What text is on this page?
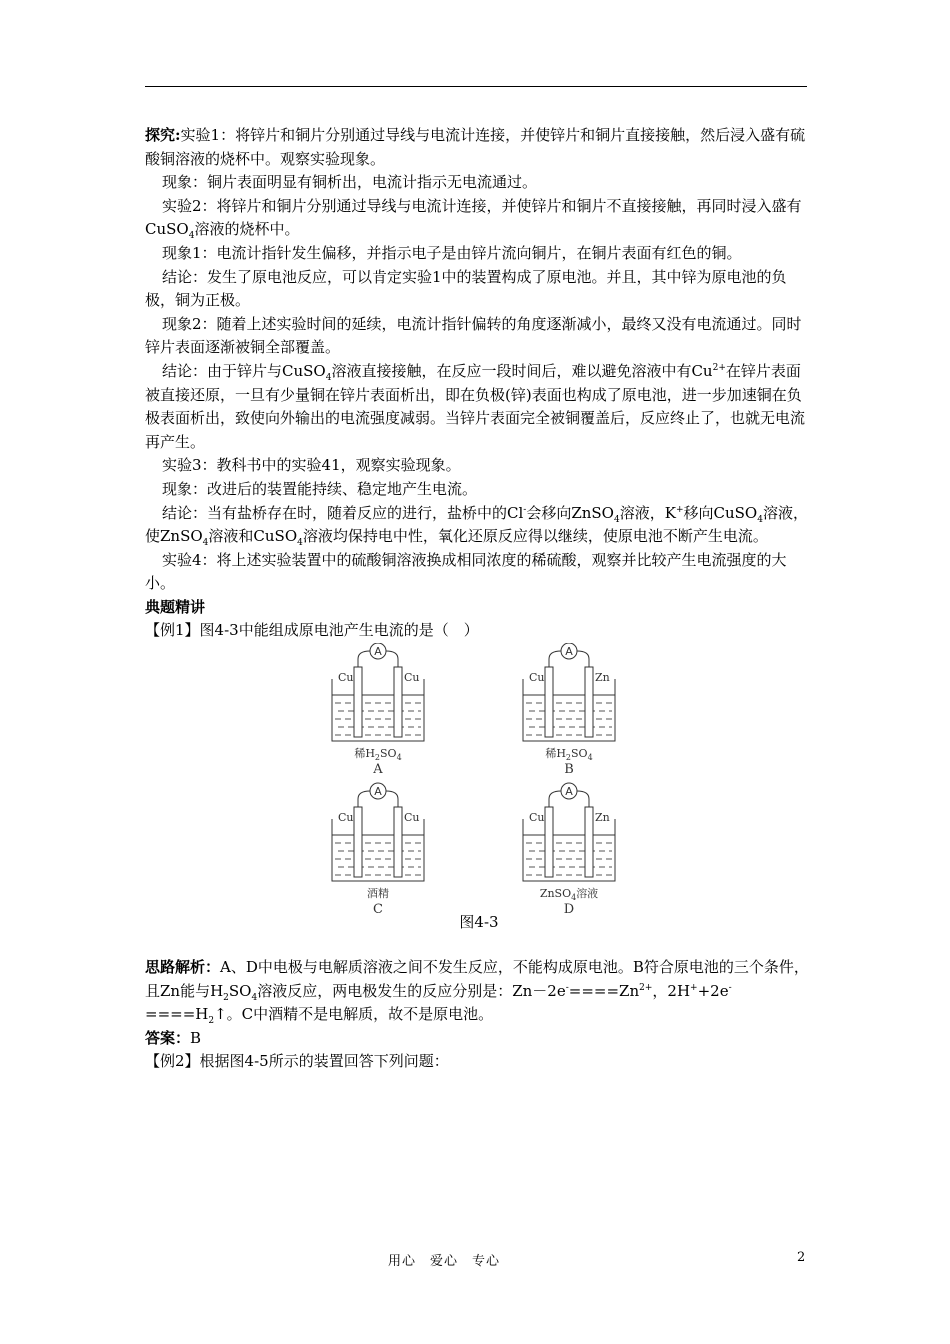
探究:实验1：将锌片和铜片分别通过导线与电流计连接，并使锌片和铜片直接接触，然后浸入盛有硫酸铜溶液的烧杯中。观察实验现象。

现象：铜片表面明显有铜析出，电流计指示无电流通过。

实验2：将锌片和铜片分别通过导线与电流计连接，并使锌片和铜片不直接接触，再同时浸入盛有CuSO$_4$溶液的烧杯中。

现象1：电流计指针发生偏移，并指示电子是由锌片流向铜片，在铜片表面有红色的铜。

结论：发生了原电池反应，可以肯定实验1中的装置构成了原电池。并且，其中锌为原电池的负极，铜为正极。

现象2：随着上述实验时间的延续，电流计指针偏转的角度逐渐减小，最终又没有电流通过。同时锌片表面逐渐被铜全部覆盖。

结论：由于锌片与CuSO$_4$溶液直接接触，在反应一段时间后，难以避免溶液中有$Cu^{2+}$在锌片表面被直接还原，一旦有少量铜在锌片表面析出，即在负极(锌)表面也构成了原电池，进一步加速铜在负极表面析出，致使向外输出的电流强度减弱。当锌片表面完全被铜覆盖后，反应终止了，也就无电流再产生。

实验3：教科书中的实验41，观察实验现象。

现象：改进后的装置能持续、稳定地产生电流。

结论：当有盐桥存在时，随着反应的进行，盐桥中的Cl-会移向ZnSO$_4$溶液，K+移向CuSO$_4$溶液，使ZnSO$_4$溶液和CuSO$_4$溶液均保持电中性，氧化还原反应得以继续，使原电池不断产生电流。

实验4：将上述实验装置中的硫酸铜溶液换成相同浓度的稀硫酸，观察并比较产生电流强度的大小。

典题精讲

【例1】图4-3中能组成原电池产生电流的是（　）

A
Cu	Cu
稀$H_2SO_4$
A
A
Cu	Zn
稀$H_2SO_4$
B
A
Cu	Cu
酒精
C
A
Cu	Zn
ZnSO$_4$溶液
D
图4-3

思路解析：A、D中电极与电解质溶液之间不发生反应，不能构成原电池。B符合原电池的三个条件，且Zn能与$H_2SO_4$溶液反应，两电极发生的反应分别是：$Zn-2e^-====Zn^{2+}$，$2H^++2e^-====H_2↑$。C中酒精不是电解质，故不是原电池。

答案：B

【例2】根据图4-5所示的装置回答下列问题：

用心　爱心　专心	2
